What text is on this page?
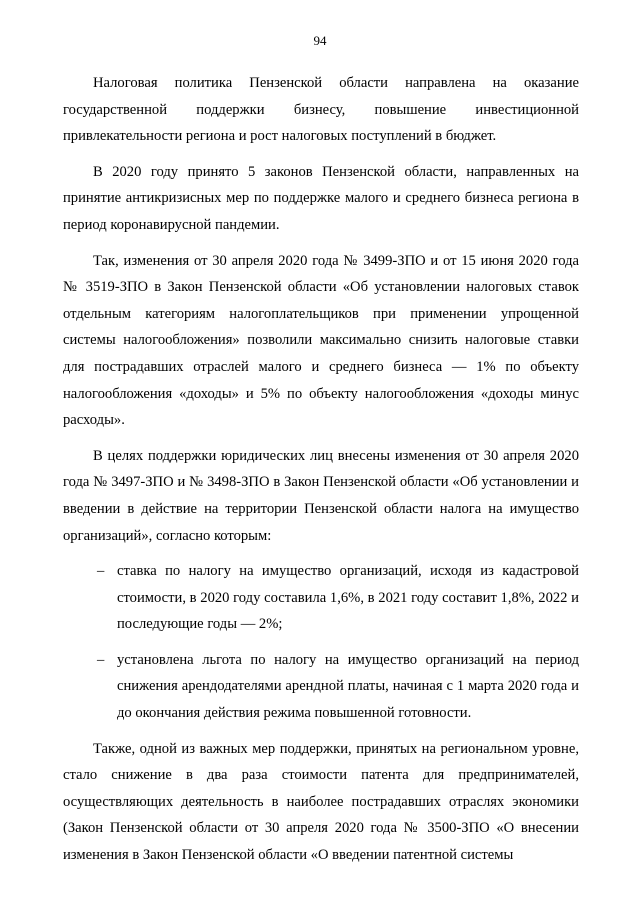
94

Налоговая политика Пензенской области направлена на оказание государственной поддержки бизнесу, повышение инвестиционной привлекательности региона и рост налоговых поступлений в бюджет.

В 2020 году принято 5 законов Пензенской области, направленных на принятие антикризисных мер по поддержке малого и среднего бизнеса региона в период коронавирусной пандемии.

Так, изменения от 30 апреля 2020 года № 3499-ЗПО и от 15 июня 2020 года № 3519-ЗПО в Закон Пензенской области «Об установлении налоговых ставок отдельным категориям налогоплательщиков при применении упрощенной системы налогообложения» позволили максимально снизить налоговые ставки для пострадавших отраслей малого и среднего бизнеса — 1% по объекту налогообложения «доходы» и 5% по объекту налогообложения «доходы минус расходы».

В целях поддержки юридических лиц внесены изменения от 30 апреля 2020 года № 3497-ЗПО и № 3498-ЗПО в Закон Пензенской области «Об установлении и введении в действие на территории Пензенской области налога на имущество организаций», согласно которым:

– ставка по налогу на имущество организаций, исходя из кадастровой стоимости, в 2020 году составила 1,6%, в 2021 году составит 1,8%, 2022 и последующие годы — 2%;
– установлена льгота по налогу на имущество организаций на период снижения арендодателями арендной платы, начиная с 1 марта 2020 года и до окончания действия режима повышенной готовности.

Также, одной из важных мер поддержки, принятых на региональном уровне, стало снижение в два раза стоимости патента для предпринимателей, осуществляющих деятельность в наиболее пострадавших отраслях экономики (Закон Пензенской области от 30 апреля 2020 года № 3500-ЗПО «О внесении изменения в Закон Пензенской области «О введении патентной системы
